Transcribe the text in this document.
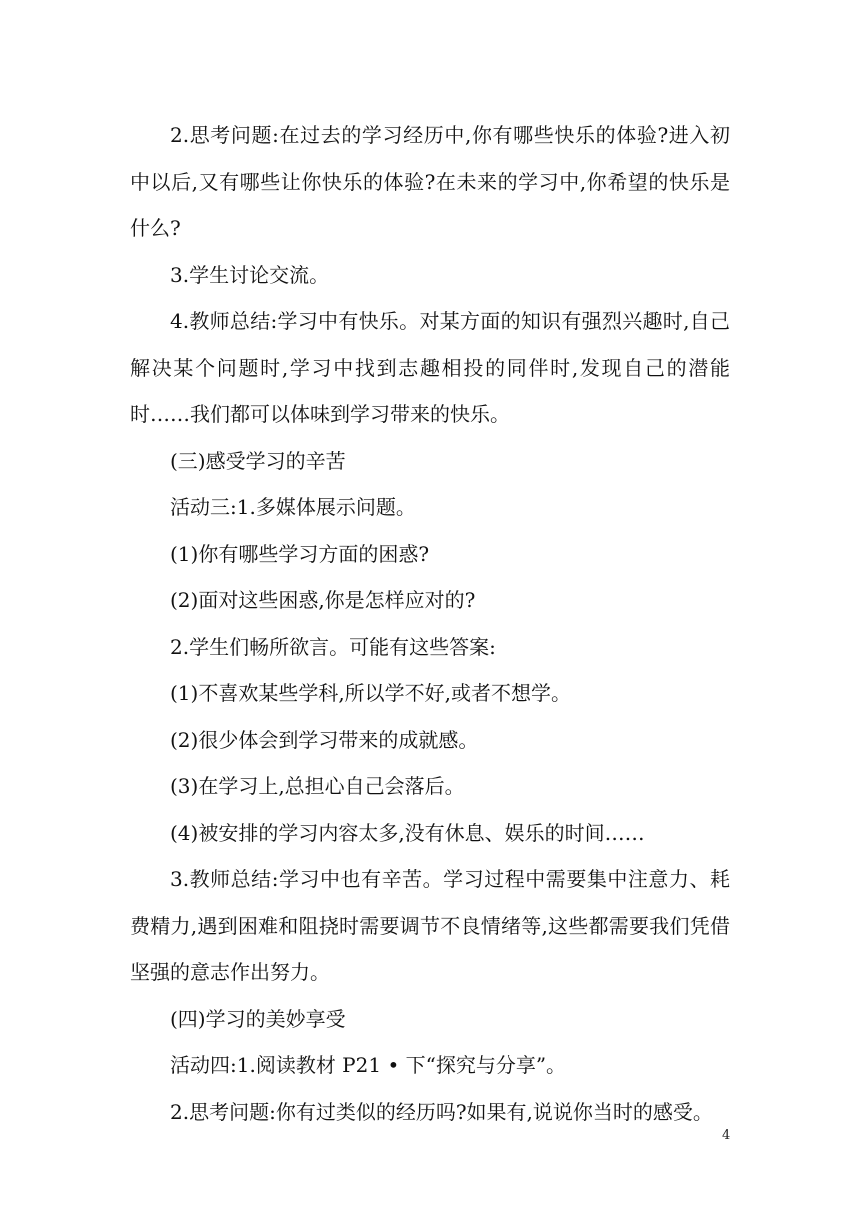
2.思考问题:在过去的学习经历中,你有哪些快乐的体验?进入初中以后,又有哪些让你快乐的体验?在未来的学习中,你希望的快乐是什么?

3.学生讨论交流。

4.教师总结:学习中有快乐。对某方面的知识有强烈兴趣时,自己解决某个问题时,学习中找到志趣相投的同伴时,发现自己的潜能时……我们都可以体味到学习带来的快乐。

(三)感受学习的辛苦

活动三:1.多媒体展示问题。

(1)你有哪些学习方面的困惑?

(2)面对这些困惑,你是怎样应对的?

2.学生们畅所欲言。可能有这些答案:

(1)不喜欢某些学科,所以学不好,或者不想学。

(2)很少体会到学习带来的成就感。

(3)在学习上,总担心自己会落后。

(4)被安排的学习内容太多,没有休息、娱乐的时间……

3.教师总结:学习中也有辛苦。学习过程中需要集中注意力、耗费精力,遇到困难和阻挠时需要调节不良情绪等,这些都需要我们凭借坚强的意志作出努力。

(四)学习的美妙享受

活动四:1.阅读教材 P21 • 下“探究与分享”。

2.思考问题:你有过类似的经历吗?如果有,说说你当时的感受。

4
